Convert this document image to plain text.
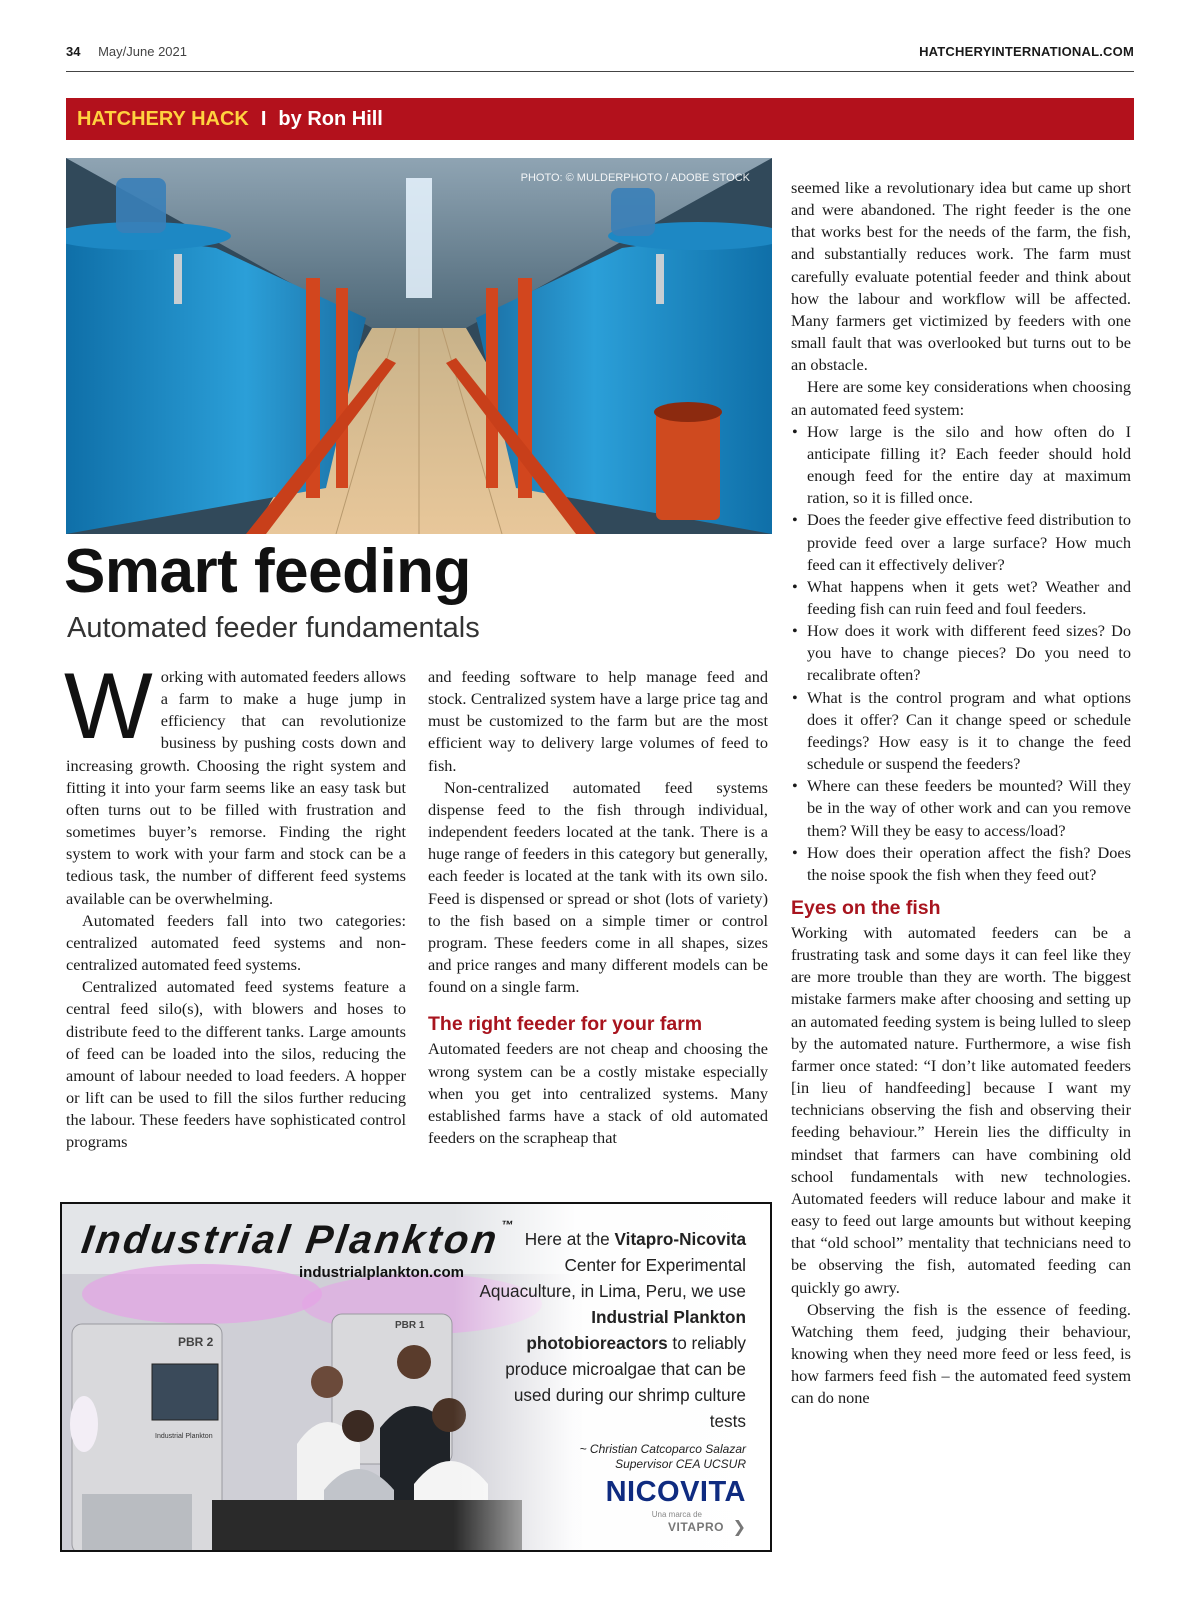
34 May/June 2021	HATCHERYINTERNATIONAL.COM
HATCHERY HACK I by Ron Hill
PHOTO: © MULDERPHOTO / ADOBE STOCK
Smart feeding
Automated feeder fundamentals

Working with automated feeders allows a farm to make a huge jump in efficiency that can revolutionize business by pushing costs down and increasing growth. Choosing the right system and fitting it into your farm seems like an easy task but often turns out to be filled with frustration and sometimes buyer’s remorse. Finding the right system to work with your farm and stock can be a tedious task, the number of different feed systems available can be overwhelming.

Automated feeders fall into two categories: centralized automated feed systems and non-centralized automated feed systems.

Centralized automated feed systems feature a central feed silo(s), with blowers and hoses to distribute feed to the different tanks. Large amounts of feed can be loaded into the silos, reducing the amount of labour needed to load feeders. A hopper or lift can be used to fill the silos further reducing the labour. These feeders have sophisticated control programs

and feeding software to help manage feed and stock. Centralized system have a large price tag and must be customized to the farm but are the most efficient way to delivery large volumes of feed to fish.

Non-centralized automated feed systems dispense feed to the fish through individual, independent feeders located at the tank. There is a huge range of feeders in this category but generally, each feeder is located at the tank with its own silo. Feed is dispensed or spread or shot (lots of variety) to the fish based on a simple timer or control program. These feeders come in all shapes, sizes and price ranges and many different models can be found on a single farm.

The right feeder for your farm

Automated feeders are not cheap and choosing the wrong system can be a costly mistake especially when you get into centralized systems. Many established farms have a stack of old automated feeders on the scrapheap that

seemed like a revolutionary idea but came up short and were abandoned. The right feeder is the one that works best for the needs of the farm, the fish, and substantially reduces work. The farm must carefully evaluate potential feeder and think about how the labour and workflow will be affected. Many farmers get victimized by feeders with one small fault that was overlooked but turns out to be an obstacle.

Here are some key considerations when choosing an automated feed system:

• How large is the silo and how often do I anticipate filling it? Each feeder should hold enough feed for the entire day at maximum ration, so it is filled once.
• Does the feeder give effective feed distribution to provide feed over a large surface? How much feed can it effectively deliver?
• What happens when it gets wet? Weather and feeding fish can ruin feed and foul feeders.
• How does it work with different feed sizes? Do you have to change pieces? Do you need to recalibrate often?
• What is the control program and what options does it offer? Can it change speed or schedule feedings? How easy is it to change the feed schedule or suspend the feeders?
• Where can these feeders be mounted? Will they be in the way of other work and can you remove them? Will they be easy to access/load?
• How does their operation affect the fish? Does the noise spook the fish when they feed out?
Eyes on the fish

Working with automated feeders can be a frustrating task and some days it can feel like they are more trouble than they are worth. The biggest mistake farmers make after choosing and setting up an automated feeding system is being lulled to sleep by the automated nature. Furthermore, a wise fish farmer once stated: “I don’t like automated feeders [in lieu of handfeeding] because I want my technicians observing the fish and observing their feeding behaviour.” Herein lies the difficulty in mindset that farmers can have combining old school fundamentals with new technologies. Automated feeders will reduce labour and make it easy to feed out large amounts but without keeping that “old school” mentality that technicians need to be observing the fish, automated feeding can quickly go awry.

Observing the fish is the essence of feeding. Watching them feed, judging their behaviour, knowing when they need more feed or less feed, is how farmers feed fish – the automated feed system can do none

PBR 2
PBR 1
Industrial Plankton
Industrial Plankton™
industrialplankton.com
Here at the Vitapro-Nicovita Center for Experimental Aquaculture, in Lima, Peru, we use Industrial Plankton photobioreactors to reliably produce microalgae that can be used during our shrimp culture tests
~ Christian Catcoparco Salazar
Supervisor CEA UCSUR
NICOVITA
Una marca de
VITAPRO ❯
